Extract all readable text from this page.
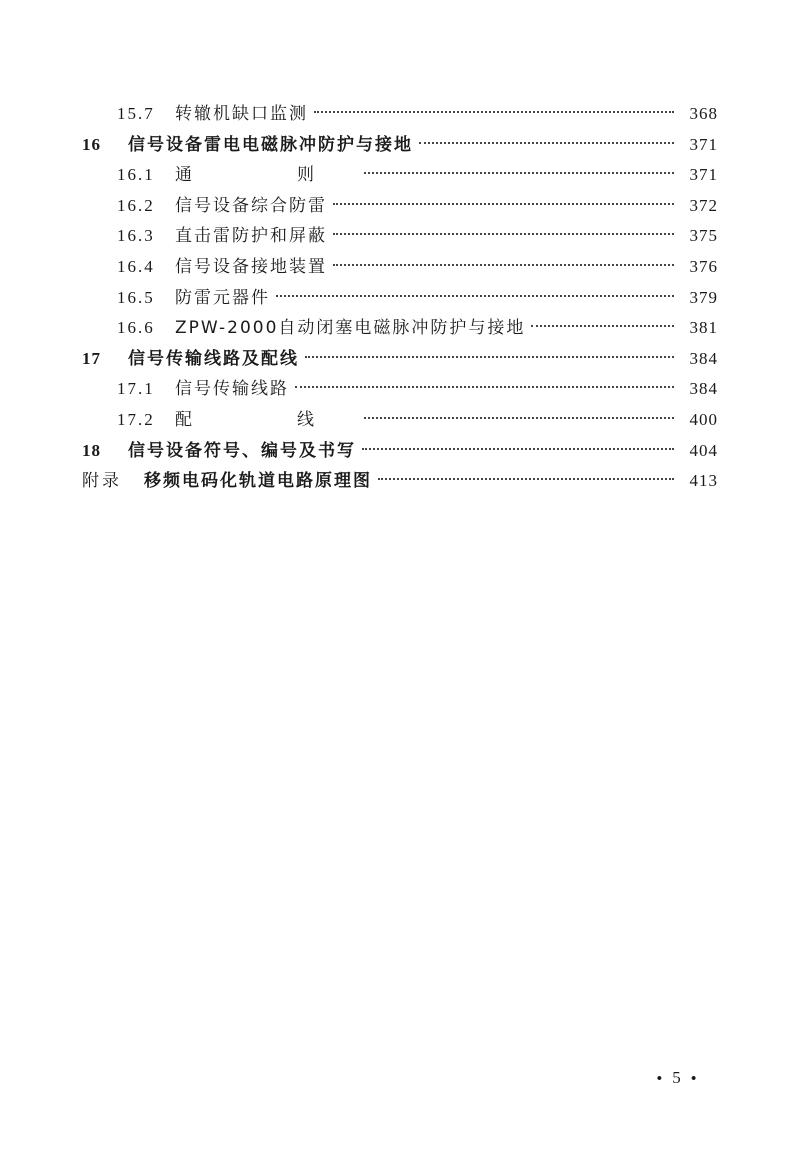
15.7	转辙机缺口监测	368
16	信号设备雷电电磁脉冲防护与接地	371
16.1	通　则	371
16.2	信号设备综合防雷	372
16.3	直击雷防护和屏蔽	375
16.4	信号设备接地装置	376
16.5	防雷元器件	379
16.6	ZPW-2000自动闭塞电磁脉冲防护与接地	381
17	信号传输线路及配线	384
17.1	信号传输线路	384
17.2	配　线	400
18	信号设备符号、编号及书写	404
附录	移频电码化轨道电路原理图	413
• 5 •
